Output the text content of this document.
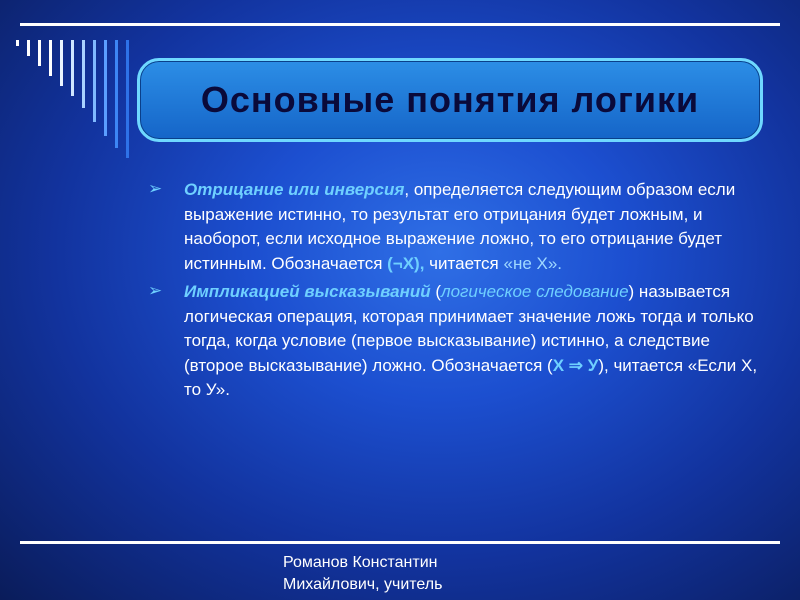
Основные понятия логики
➢ Отрицание или инверсия, определяется следующим образом если выражение истинно, то результат его отрицания будет ложным, и наоборот, если исходное выражение ложно, то его отрицание будет истинным. Обозначается (¬X), читается «не Х».
➢ Импликацией высказываний (логическое следование) называется логическая операция, которая принимает значение ложь тогда и только тогда, когда условие (первое высказывание) истинно, а следствие (второе высказывание) ложно. Обозначается (Х ⇒ У), читается «Если Х, то У».
Романов Константин
Михайлович, учитель
